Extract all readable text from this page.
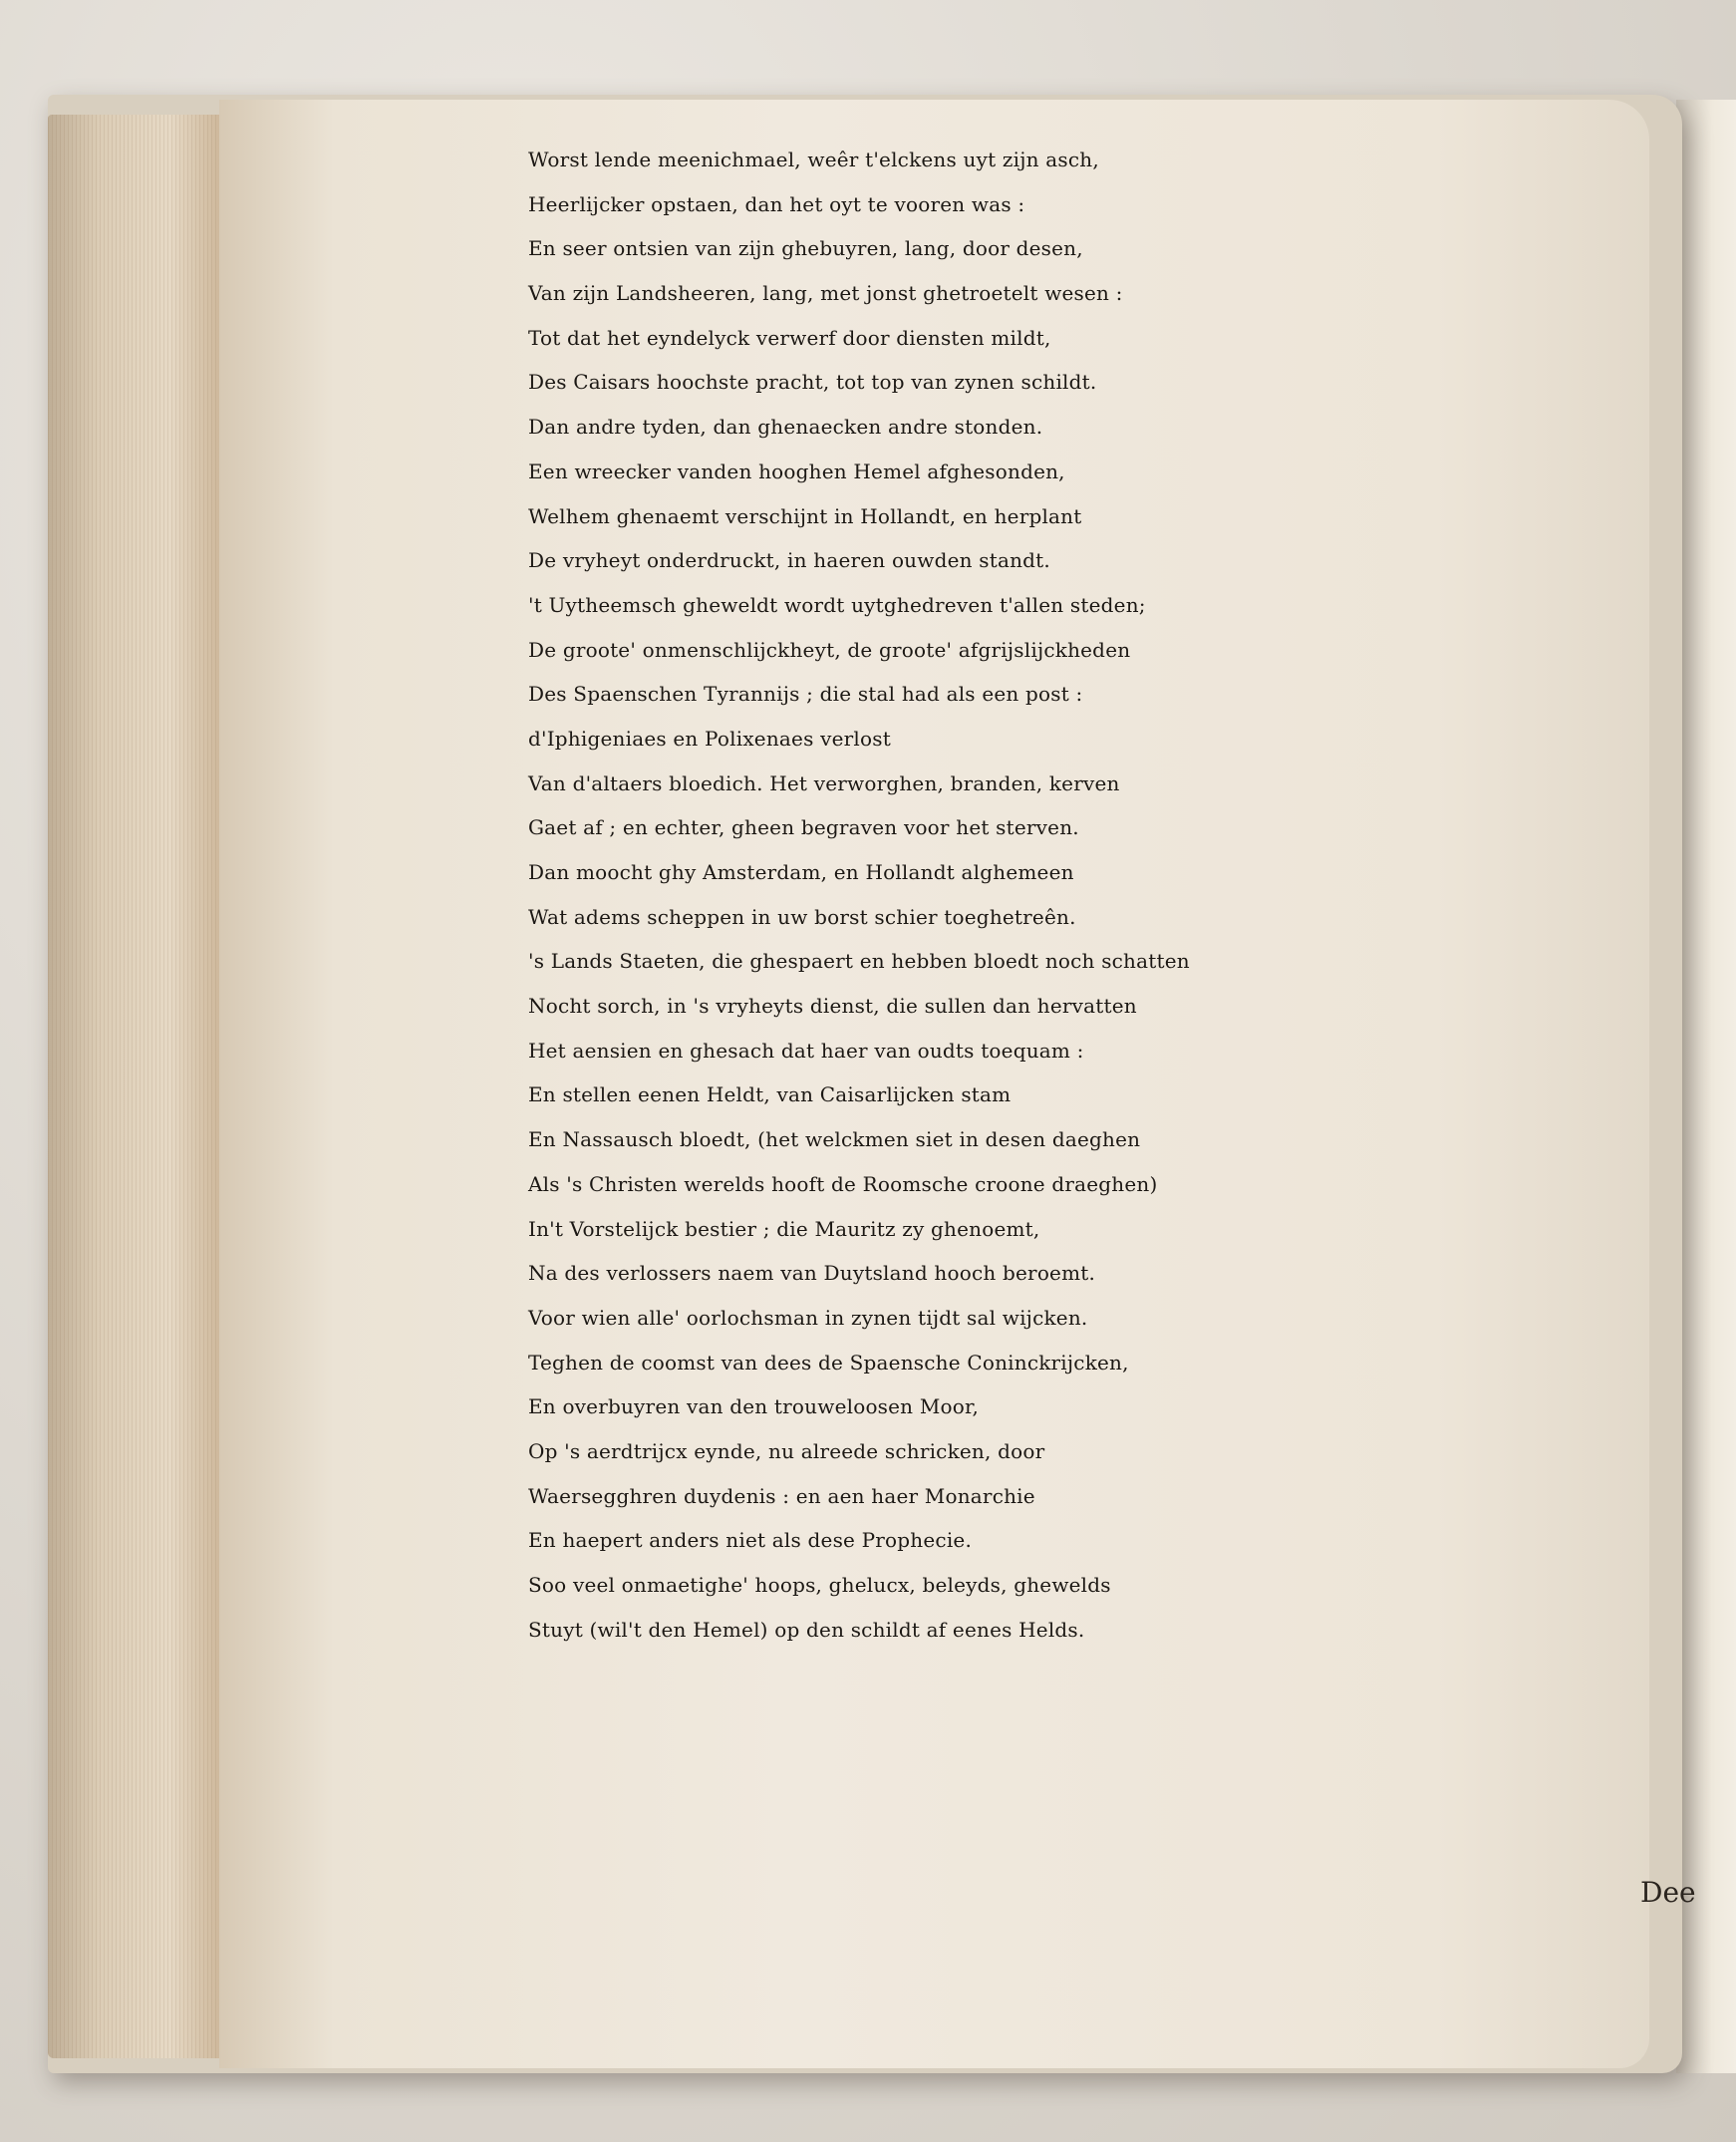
Worst lende meenichmael, weêr t'elckens uyt zijn asch,
Heerlijcker opstaen, dan het oyt te vooren was :
En seer ontsien van zijn ghebuyren, lang, door desen,
Van zijn Landsheeren, lang, met jonst ghetroetelt wesen :
Tot dat het eyndelyck verwerf door diensten mildt,
Des Caisars hoochste pracht, tot top van zynen schildt.
Dan andre tyden, dan ghenaecken andre stonden.
Een wreecker vanden hooghen Hemel afghesonden,
Welhem ghenaemt verschijnt in Hollandt, en herplant
De vryheyt onderdruckt, in haeren ouwden standt.
't Uytheemsch gheweldt wordt uytghedreven t'allen steden;
De groote' onmenschlijckheyt, de groote' afgrijslijckheden
Des Spaenschen Tyrannijs ; die stal had als een post :
d'Iphigeniaes en Polixenaes verlost
Van d'altaers bloedich. Het verworghen, branden, kerven
Gaet af ; en echter, gheen begraven voor het sterven.
Dan moocht ghy Amsterdam, en Hollandt alghemeen
Wat adems scheppen in uw borst schier toeghetreên.
's Lands Staeten, die ghespaert en hebben bloedt noch schatten
Nocht sorch, in 's vryheyts dienst, die sullen dan hervatten
Het aensien en ghesach dat haer van oudts toequam :
En stellen eenen Heldt, van Caisarlijcken stam
En Nassausch bloedt, (het welckmen siet in desen daeghen
Als 's Christen werelds hooft de Roomsche croone draeghen)
In't Vorstelijck bestier ; die Mauritz zy ghenoemt,
Na des verlossers naem van Duytsland hooch beroemt.
Voor wien alle' oorlochsman in zynen tijdt sal wijcken.
Teghen de coomst van dees de Spaensche Coninckrijcken,
En overbuyren van den trouweloosen Moor,
Op 's aerdtrijcx eynde, nu alreede schricken, door
Waersegghren duydenis : en aen haer Monarchie
En haepert anders niet als dese Prophecie.
Soo veel onmaetighe' hoops, ghelucx, beleyds, ghewelds
Stuyt (wil't den Hemel) op den schildt af eenes Helds.
Dee
